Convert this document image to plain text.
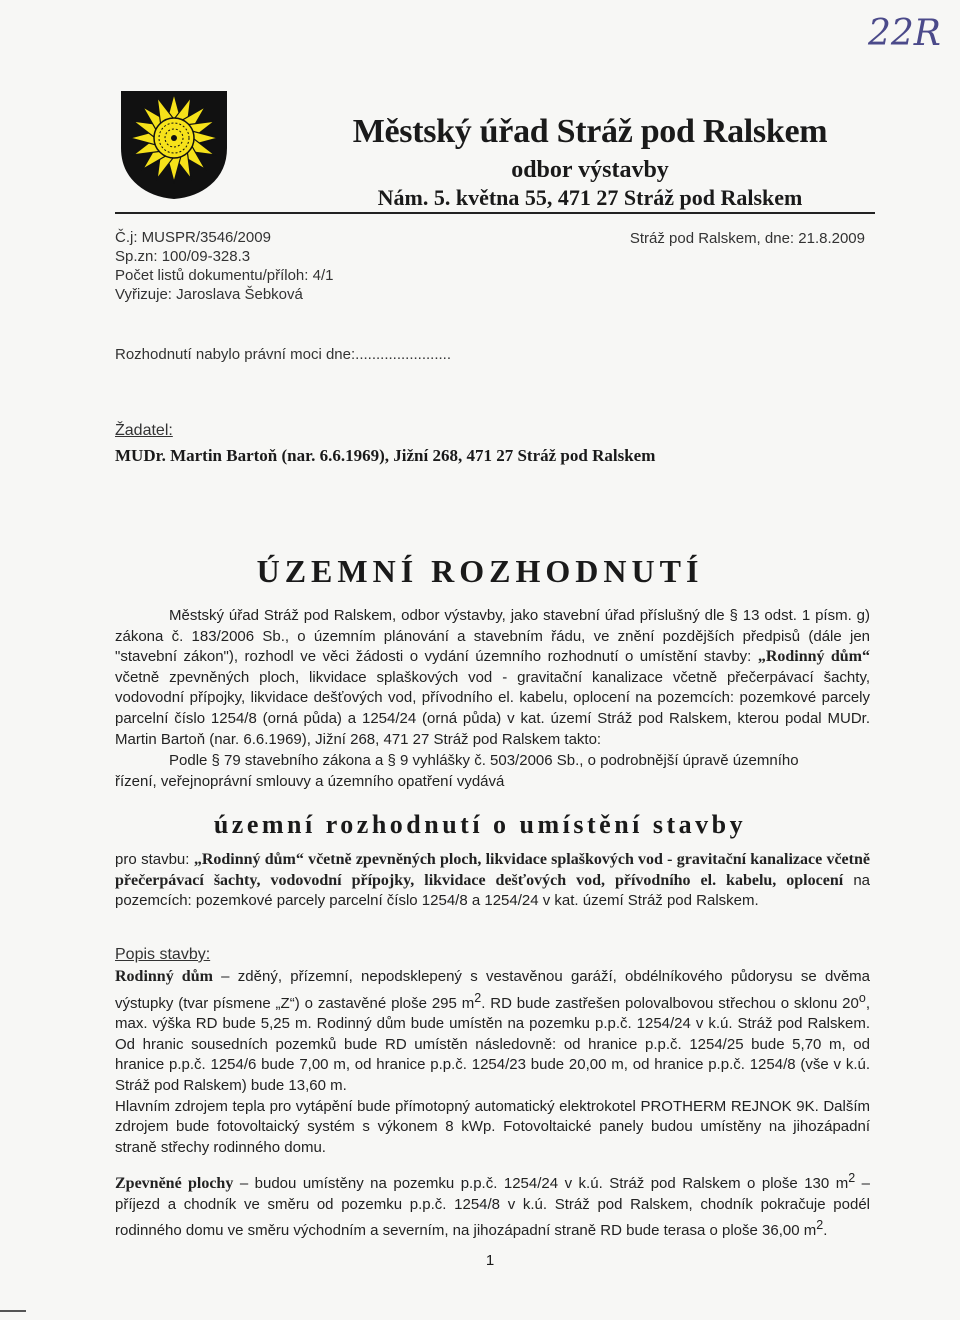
22R
Městský úřad Stráž pod Ralskem
odbor výstavby
Nám. 5. května 55, 471 27 Stráž pod Ralskem
Č.j: MUSPR/3546/2009
Sp.zn: 100/09-328.3
Počet listů dokumentu/příloh: 4/1
Vyřizuje: Jaroslava Šebková
Stráž pod Ralskem, dne: 21.8.2009
Rozhodnutí nabylo právní moci dne:.......................
Žadatel:
MUDr. Martin Bartoň (nar. 6.6.1969), Jižní 268, 471 27 Stráž pod Ralskem
ÚZEMNÍ ROZHODNUTÍ
Městský úřad Stráž pod Ralskem, odbor výstavby, jako stavební úřad příslušný dle § 13 odst. 1 písm. g) zákona č. 183/2006 Sb., o územním plánování a stavebním řádu, ve znění pozdějších předpisů (dále jen "stavební zákon"), rozhodl ve věci žádosti o vydání územního rozhodnutí o umístění stavby: „Rodinný dům“ včetně zpevněných ploch, likvidace splaškových vod - gravitační kanalizace včetně přečerpávací šachty, vodovodní přípojky, likvidace dešťových vod, přívodního el. kabelu, oplocení na pozemcích: pozemkové parcely parcelní číslo 1254/8 (orná půda) a 1254/24 (orná půda) v kat. území Stráž pod Ralskem, kterou podal MUDr. Martin Bartoň (nar. 6.6.1969), Jižní 268, 471 27 Stráž pod Ralskem takto:
Podle § 79 stavebního zákona a § 9 vyhlášky č. 503/2006 Sb., o podrobnější úpravě územního
řízení, veřejnoprávní smlouvy a územního opatření vydává
územní rozhodnutí o umístění stavby
pro stavbu: „Rodinný dům“ včetně zpevněných ploch, likvidace splaškových vod - gravitační kanalizace včetně přečerpávací šachty, vodovodní přípojky, likvidace dešťových vod, přívodního el. kabelu, oplocení na pozemcích: pozemkové parcely parcelní číslo 1254/8 a 1254/24 v kat. území Stráž pod Ralskem.
Popis stavby:
Rodinný dům – zděný, přízemní, nepodsklepený s vestavěnou garáží, obdélníkového půdorysu se dvěma výstupky (tvar písmene „Z“) o zastavěné ploše 295 $m^2$. RD bude zastřešen polovalbovou střechou o sklonu 20$^o$, max. výška RD bude 5,25 m. Rodinný dům bude umístěn na pozemku p.p.č. 1254/24 v k.ú. Stráž pod Ralskem. Od hranic sousedních pozemků bude RD umístěn následovně: od hranice p.p.č. 1254/25 bude 5,70 m, od hranice p.p.č. 1254/6 bude 7,00 m, od hranice p.p.č. 1254/23 bude 20,00 m, od hranice p.p.č. 1254/8 (vše v k.ú. Stráž pod Ralskem) bude 13,60 m.
Hlavním zdrojem tepla pro vytápění bude přímotopný automatický elektrokotel PROTHERM REJNOK 9K. Dalším zdrojem bude fotovoltaický systém s výkonem 8 kWp. Fotovoltaické panely budou umístěny na jihozápadní straně střechy rodinného domu.
Zpevněné plochy – budou umístěny na pozemku p.p.č. 1254/24 v k.ú. Stráž pod Ralskem o ploše 130 $m^2$ – příjezd a chodník ve směru od pozemku p.p.č. 1254/8 v k.ú. Stráž pod Ralskem, chodník pokračuje podél rodinného domu ve směru východním a severním, na jihozápadní straně RD bude terasa o ploše 36,00 $m^2$.
1
